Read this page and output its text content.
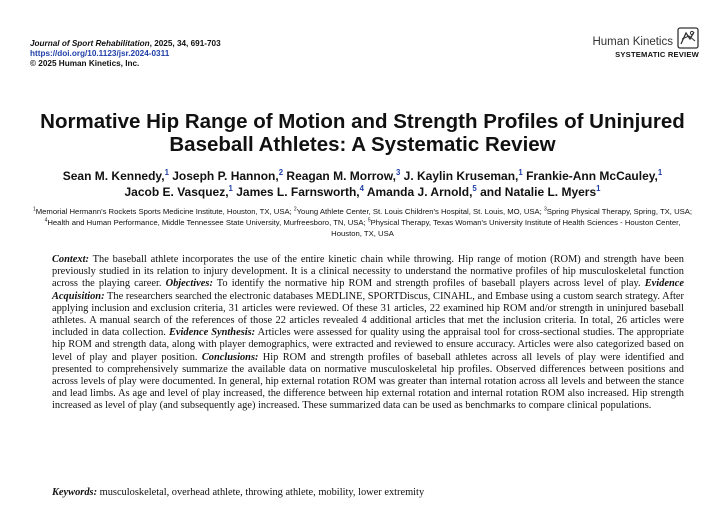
Journal of Sport Rehabilitation, 2025, 34, 691-703
https://doi.org/10.1123/jsr.2024-0311
© 2025 Human Kinetics, Inc.
Human Kinetics
SYSTEMATIC REVIEW
Normative Hip Range of Motion and Strength Profiles of Uninjured
Baseball Athletes: A Systematic Review
Sean M. Kennedy,$^1$ Joseph P. Hannon,$^2$ Reagan M. Morrow,$^3$ J. Kaylin Kruseman,$^1$ Frankie-Ann McCauley,$^1$
Jacob E. Vasquez,$^1$ James L. Farnsworth,$^4$ Amanda J. Arnold,$^5$ and Natalie L. Myers$^1$
$^1$Memorial Hermann's Rockets Sports Medicine Institute, Houston, TX, USA; $^2$Young Athlete Center, St. Louis Children's Hospital, St. Louis, MO, USA; $^3$Spring Physical Therapy, Spring, TX, USA; $^4$Health and Human Performance, Middle Tennessee State University, Murfreesboro, TN, USA; $^5$Physical Therapy, Texas Woman's University Institute of Health Sciences - Houston Center, Houston, TX, USA
Context: The baseball athlete incorporates the use of the entire kinetic chain while throwing. Hip range of motion (ROM) and strength have been previously studied in its relation to injury development. It is a clinical necessity to understand the normative profiles of hip musculoskeletal function across the playing career. Objectives: To identify the normative hip ROM and strength profiles of baseball players across level of play. Evidence Acquisition: The researchers searched the electronic databases MEDLINE, SPORTDiscus, CINAHL, and Embase using a custom search strategy. After applying inclusion and exclusion criteria, 31 articles were reviewed. Of these 31 articles, 22 examined hip ROM and/or strength in uninjured baseball athletes. A manual search of the references of those 22 articles revealed 4 additional articles that met the inclusion criteria. In total, 26 articles were included in data collection. Evidence Synthesis: Articles were assessed for quality using the appraisal tool for cross-sectional studies. The appropriate hip ROM and strength data, along with player demographics, were extracted and reviewed to ensure accuracy. Articles were also categorized based on level of play and player position. Conclusions: Hip ROM and strength profiles of baseball athletes across all levels of play were identified and presented to comprehensively summarize the available data on normative musculoskeletal hip profiles. Observed differences between positions and across levels of play were documented. In general, hip external rotation ROM was greater than internal rotation across all levels and between the stance and lead limbs. As age and level of play increased, the difference between hip external rotation and internal rotation ROM also increased. Hip strength increased as level of play (and subsequently age) increased. These summarized data can be used as benchmarks to compare clinical populations.
Keywords: musculoskeletal, overhead athlete, throwing athlete, mobility, lower extremity
